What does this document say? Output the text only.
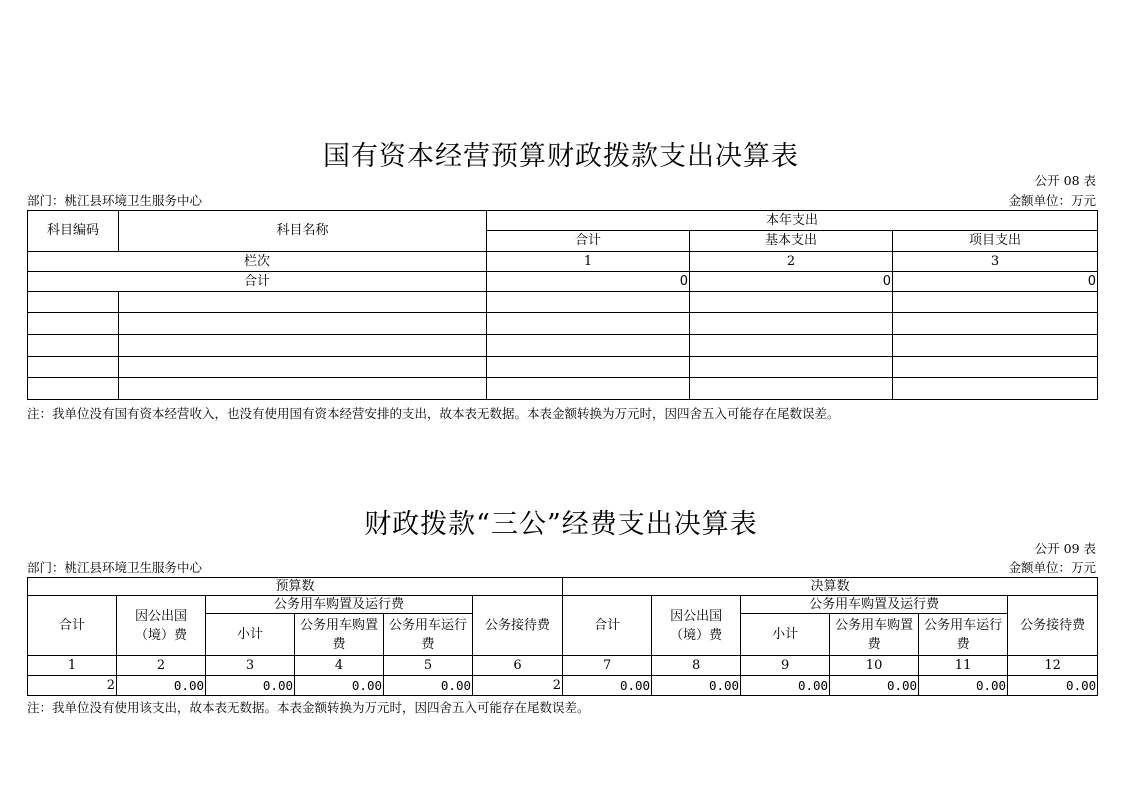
国有资本经营预算财政拨款支出决算表
公开 08 表
部门：桃江县环境卫生服务中心	金额单位：万元
科目编码	科目名称	本年支出		
		合计	基本支出	项目支出
栏次		1	2	3
合计		0	0	0

注：我单位没有国有资本经营收入，也没有使用国有资本经营安排的支出，故本表无数据。本表金额转换为万元时，因四舍五入可能存在尾数误差。
财政拨款“三公”经费支出决算表
公开 09 表
部门：桃江县环境卫生服务中心	金额单位：万元
预算数						决算数					
合计	因公出国（境）费	公务用车购置及运行费			公务接待费	合计	因公出国（境）费	公务用车购置及运行费			公务接待费
		小计	公务用车购置费	公务用车运行费				小计	公务用车购置费	公务用车运行费	
1	2	3	4	5	6	7	8	9	10	11	12
2	0.00	0.00	0.00	0.00	2	0.00	0.00	0.00	0.00	0.00	0.00
注：我单位没有使用该支出，故本表无数据。本表金额转换为万元时，因四舍五入可能存在尾数误差。
